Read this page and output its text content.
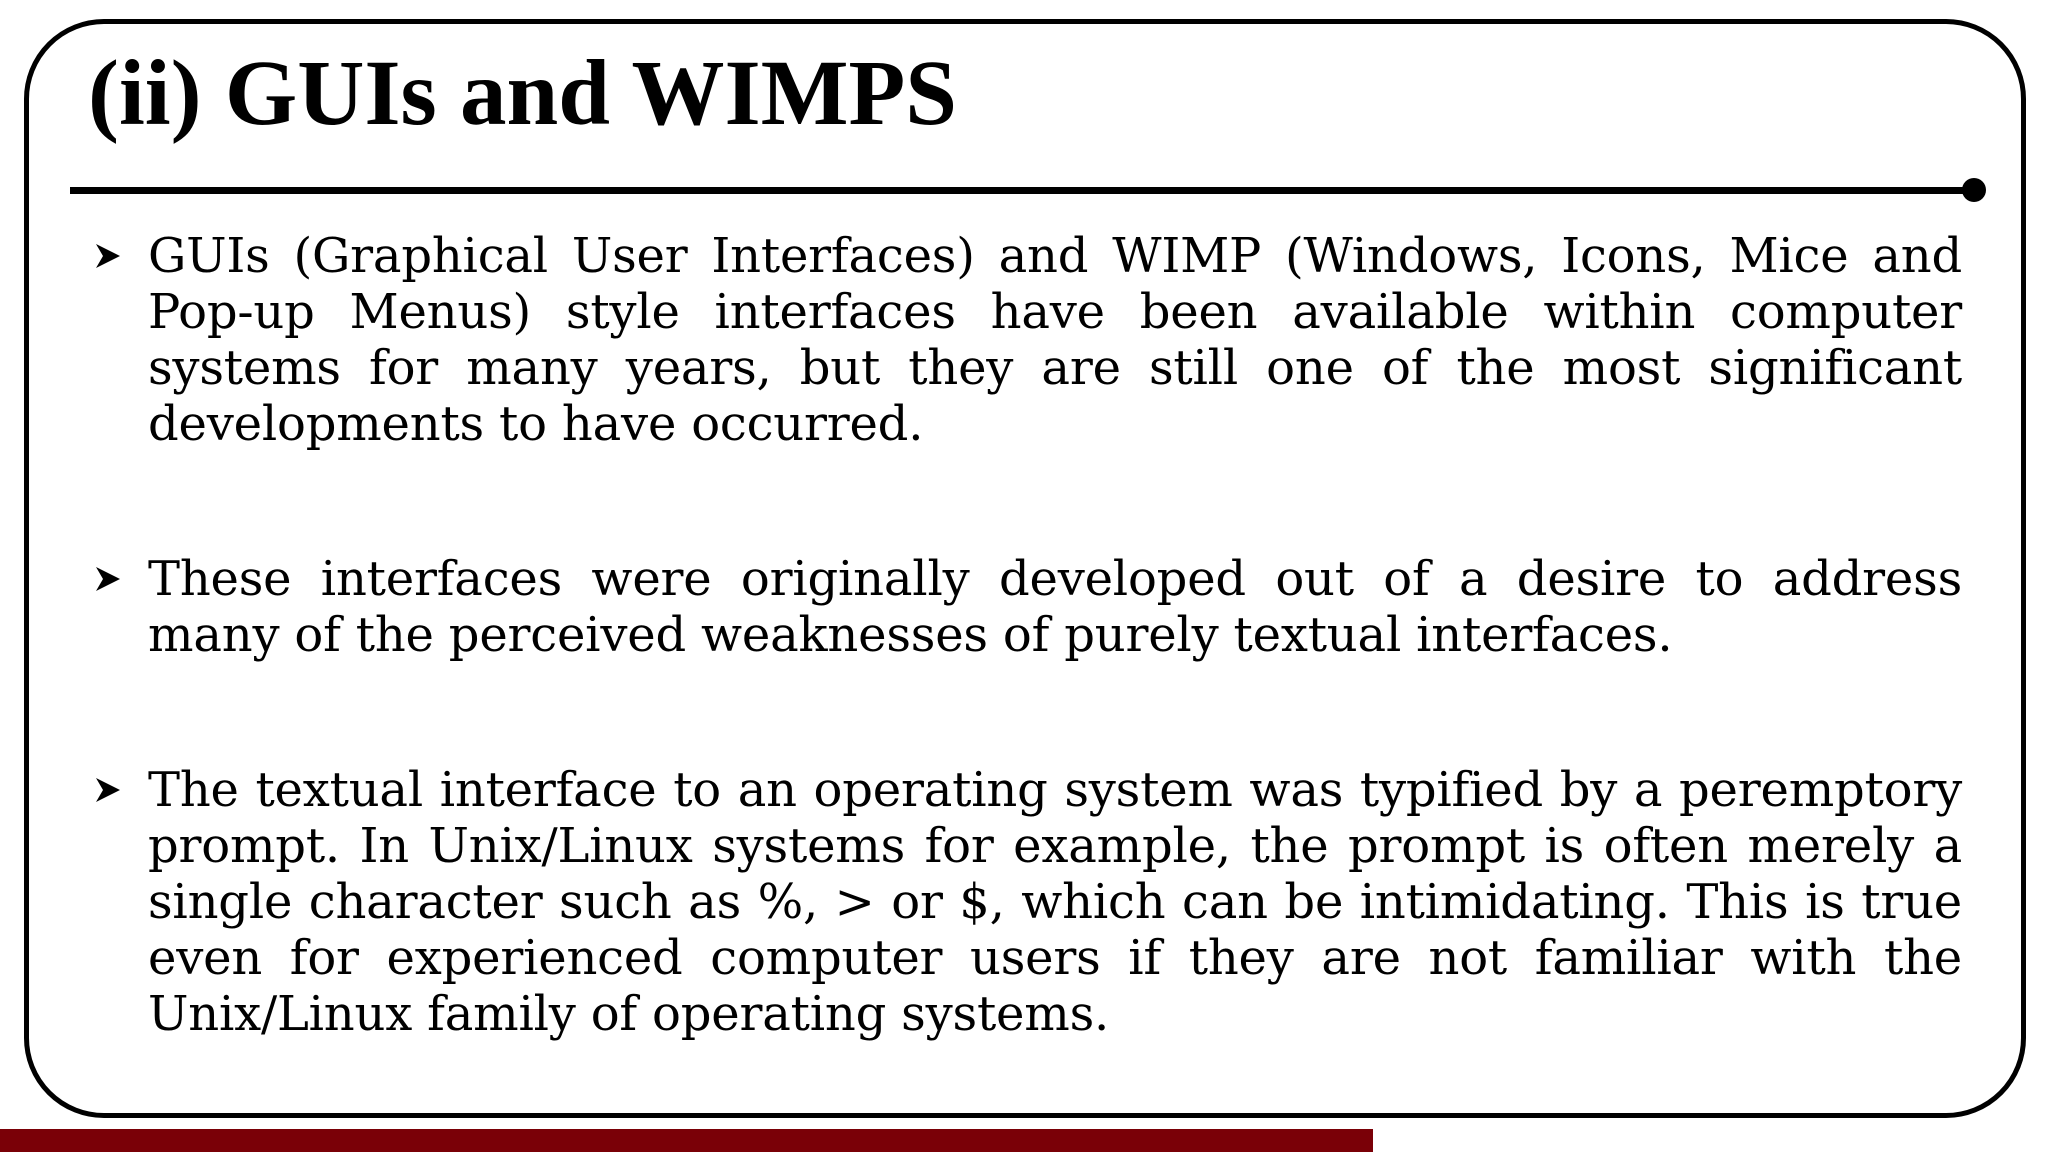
(ii) GUIs and WIMPS
GUIs (Graphical User Interfaces) and WIMP (Windows, Icons, Mice and Pop-up Menus) style interfaces have been available within computer systems for many years, but they are still one of the most significant developments to have occurred.
These interfaces were originally developed out of a desire to address many of the perceived weaknesses of purely textual interfaces.
The textual interface to an operating system was typified by a peremptory prompt. In Unix/Linux systems for example, the prompt is often merely a single character such as %, > or $, which can be intimidating. This is true even for experienced computer users if they are not familiar with the Unix/Linux family of operating systems.
